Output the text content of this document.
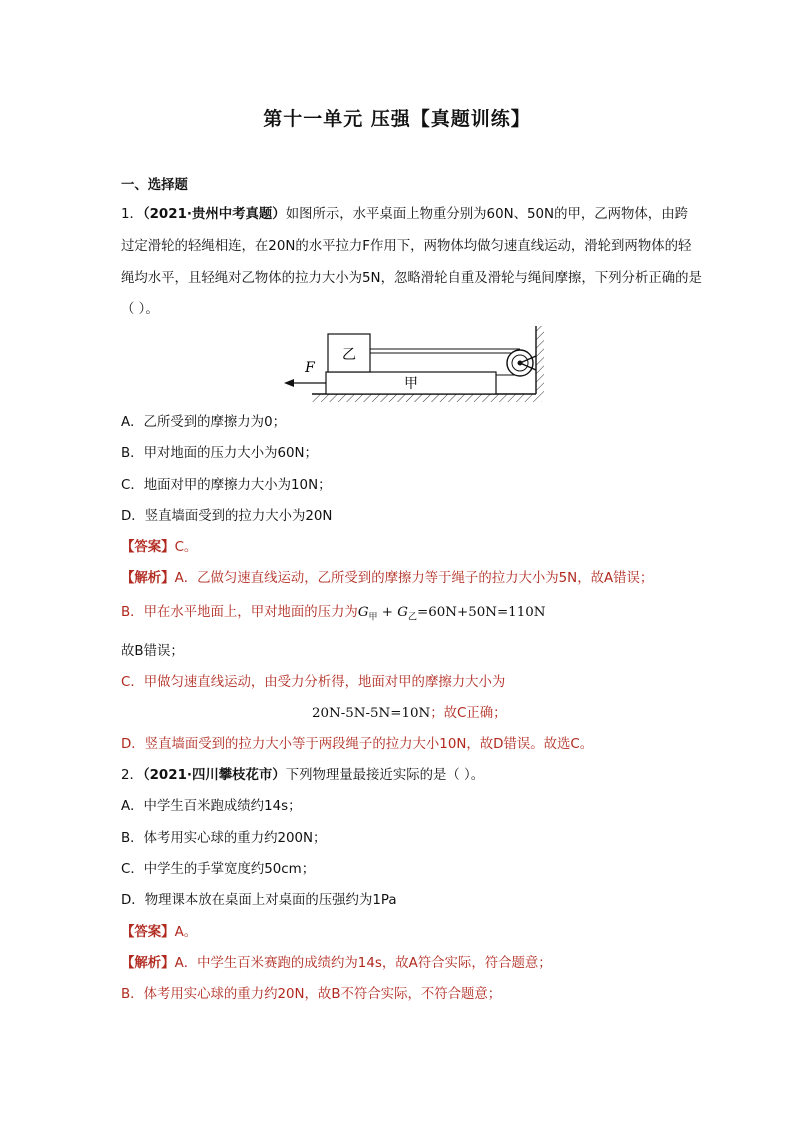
第十一单元 压强【真题训练】
一、选择题
1．（2021·贵州中考真题）如图所示，水平桌面上物重分别为60N、50N的甲，乙两物体，由跨
过定滑轮的轻绳相连，在20N的水平拉力F作用下，两物体均做匀速直线运动，滑轮到两物体的轻
绳均水平，且轻绳对乙物体的拉力大小为5N，忽略滑轮自重及滑轮与绳间摩擦，下列分析正确的是
（ ）。
甲
乙
F
A．乙所受到的摩擦力为0；
B．甲对地面的压力大小为60N；
C．地面对甲的摩擦力大小为10N；
D．竖直墙面受到的拉力大小为20N
【答案】C。
【解析】A．乙做匀速直线运动，乙所受到的摩擦力等于绳子的拉力大小为5N，故A错误；
B．甲在水平地面上，甲对地面的压力为$G_甲 + G_乙=60N+50N=110N$
故B错误；
C．甲做匀速直线运动，由受力分析得，地面对甲的摩擦力大小为
20N-5N-5N=10N；故C正确；
D．竖直墙面受到的拉力大小等于两段绳子的拉力大小10N，故D错误。故选C。
2．（2021·四川攀枝花市）下列物理量最接近实际的是（ ）。
A．中学生百米跑成绩约14s；
B．体考用实心球的重力约200N；
C．中学生的手掌宽度约50cm；
D．物理课本放在桌面上对桌面的压强约为1Pa
【答案】A。
【解析】A．中学生百米赛跑的成绩约为14s，故A符合实际，符合题意；
B．体考用实心球的重力约20N，故B不符合实际，不符合题意；
